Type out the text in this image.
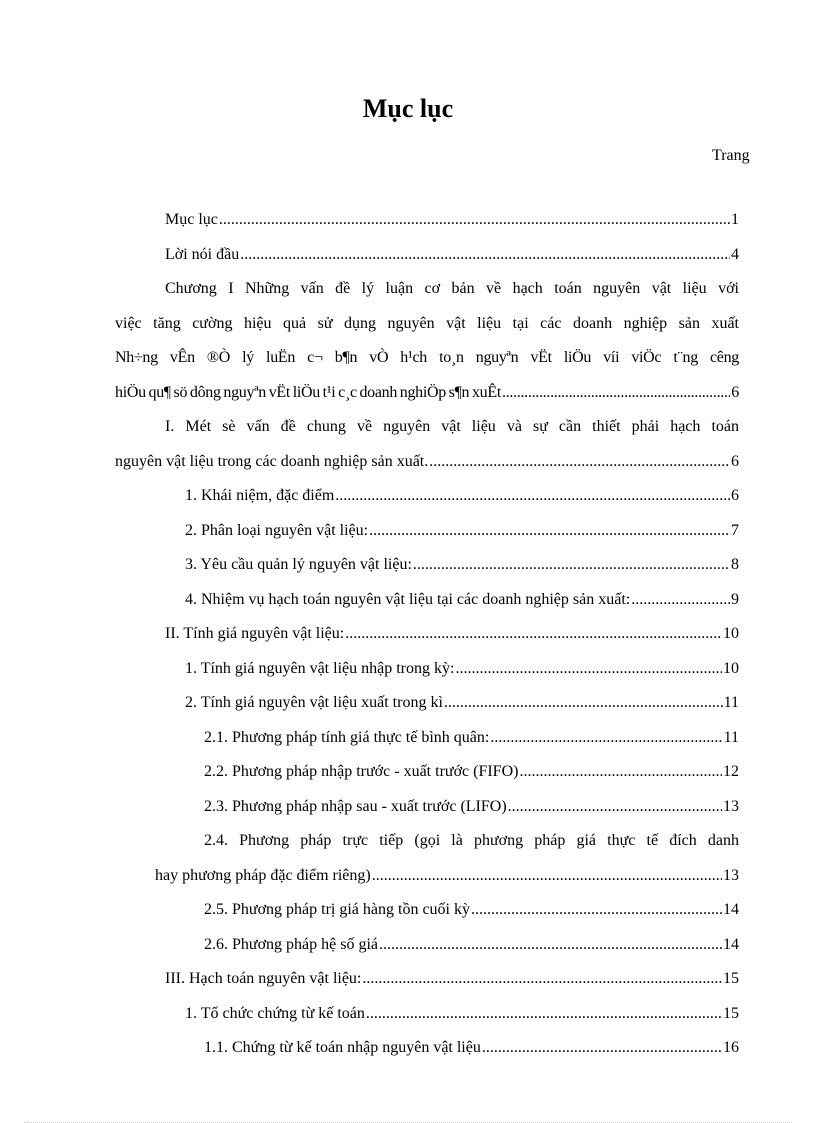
Mục lục
Trang
Mục lục .....	1
Lời nói đầu .....	4
Chương I Những vấn đề lý luận cơ bản về hạch toán nguyên vật liệu với
việc tăng cường hiệu quả sử dụng nguyên vật liệu tại các doanh nghiệp sản xuất
Nh÷ng vÊn ®Ò lý luËn c¬ b¶n vÒ h¹ch to¸n nguyªn vËt liÖu víi viÖc t¨ng cêng
hiÖu qu¶ sö dông nguyªn vËt liÖu t¹i c¸c doanh nghiÖp s¶n xuÊt .....	6
I. Mét sè vấn đề chung về nguyên vật liệu và sự cần thiết phải hạch toán
nguyên vật liệu trong các doanh nghiệp sản xuất. .....	6
1. Khái niệm, đặc điểm .....	6
2. Phân loại nguyên vật liệu: .....	7
3. Yêu cầu quản lý nguyên vật liệu: .....	8
4. Nhiệm vụ hạch toán nguyên vật liệu tại các doanh nghiệp sản xuất: .....	9
II. Tính giá nguyên vật liệu: .....	10
1. Tính giá nguyên vật liệu nhập trong kỳ: .....	10
2. Tính giá nguyên vật liệu xuất trong kì .....	11
2.1. Phương pháp tính giá thực tế bình quân: .....	11
2.2. Phương pháp nhập trước - xuất trước (FIFO) .....	12
2.3. Phương pháp nhập sau - xuất trước (LIFO) .....	13
2.4. Phương pháp trực tiếp (gọi là phương pháp giá thực tế đích danh
hay phương pháp đặc điểm riêng) .....	13
2.5. Phương pháp trị giá hàng tồn cuối kỳ .....	14
2.6. Phương pháp hệ số giá .....	14
III. Hạch toán nguyên vật liệu: .....	15
1. Tổ chức chứng từ kế toán .....	15
1.1. Chứng từ kế toán nhập nguyên vật liệu .....	16
